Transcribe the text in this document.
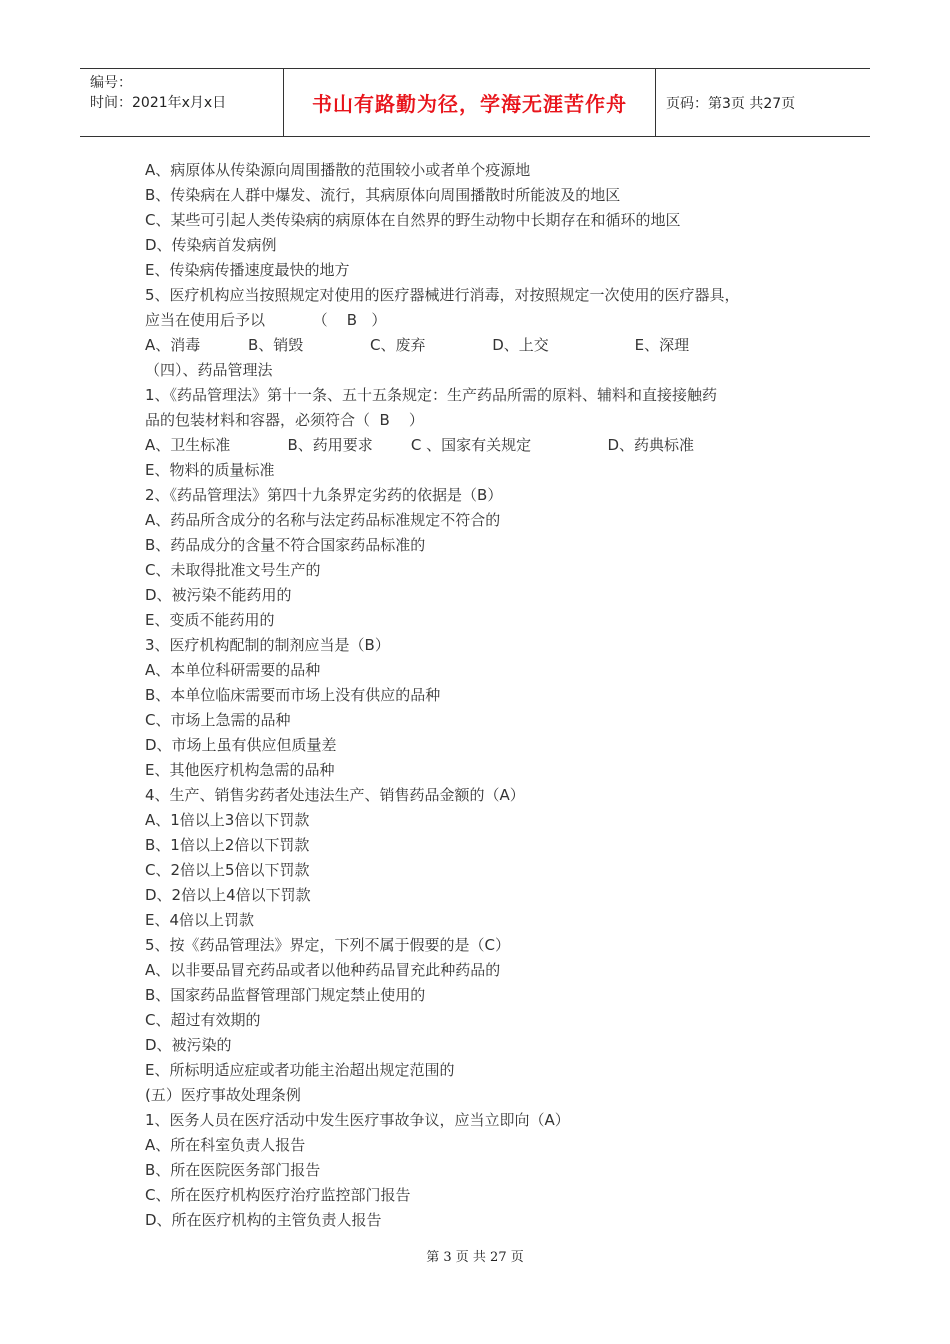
编号：
时间：2021年x月x日	书山有路勤为径，学海无涯苦作舟	页码：第3页 共27页
A、病原体从传染源向周围播散的范围较小或者单个疫源地
B、传染病在人群中爆发、流行，其病原体向周围播散时所能波及的地区
C、某些可引起人类传染病的病原体在自然界的野生动物中长期存在和循环的地区
D、传染病首发病例
E、传染病传播速度最快的地方
5、医疗机构应当按照规定对使用的医疗器械进行消毒，对按照规定一次使用的医疗器具，
应当在使用后予以          （    B   ）
A、消毒          B、销毁              C、废弃              D、上交                  E、深理
（四）、药品管理法
1、《药品管理法》第十一条、五十五条规定：生产药品所需的原料、辅料和直接接触药
品的包装材料和容器，必须符合（  B    ）
A、卫生标准            B、药用要求        C 、国家有关规定                D、药典标准
E、物料的质量标准
2、《药品管理法》第四十九条界定劣药的依据是（B）
A、药品所含成分的名称与法定药品标准规定不符合的
B、药品成分的含量不符合国家药品标准的
C、未取得批准文号生产的
D、被污染不能药用的
E、变质不能药用的
3、医疗机构配制的制剂应当是（B）
A、本单位科研需要的品种
B、本单位临床需要而市场上没有供应的品种
C、市场上急需的品种
D、市场上虽有供应但质量差
E、其他医疗机构急需的品种
4、生产、销售劣药者处违法生产、销售药品金额的（A）
A、1倍以上3倍以下罚款
B、1倍以上2倍以下罚款
C、2倍以上5倍以下罚款
D、2倍以上4倍以下罚款
E、4倍以上罚款
5、按《药品管理法》界定，下列不属于假要的是（C）
A、以非要品冒充药品或者以他种药品冒充此种药品的
B、国家药品监督管理部门规定禁止使用的
C、超过有效期的
D、被污染的
E、所标明适应症或者功能主治超出规定范围的
(五）医疗事故处理条例
1、医务人员在医疗活动中发生医疗事故争议，应当立即向（A）
A、所在科室负责人报告
B、所在医院医务部门报告
C、所在医疗机构医疗治疗监控部门报告
D、所在医疗机构的主管负责人报告
第 3 页 共 27 页
